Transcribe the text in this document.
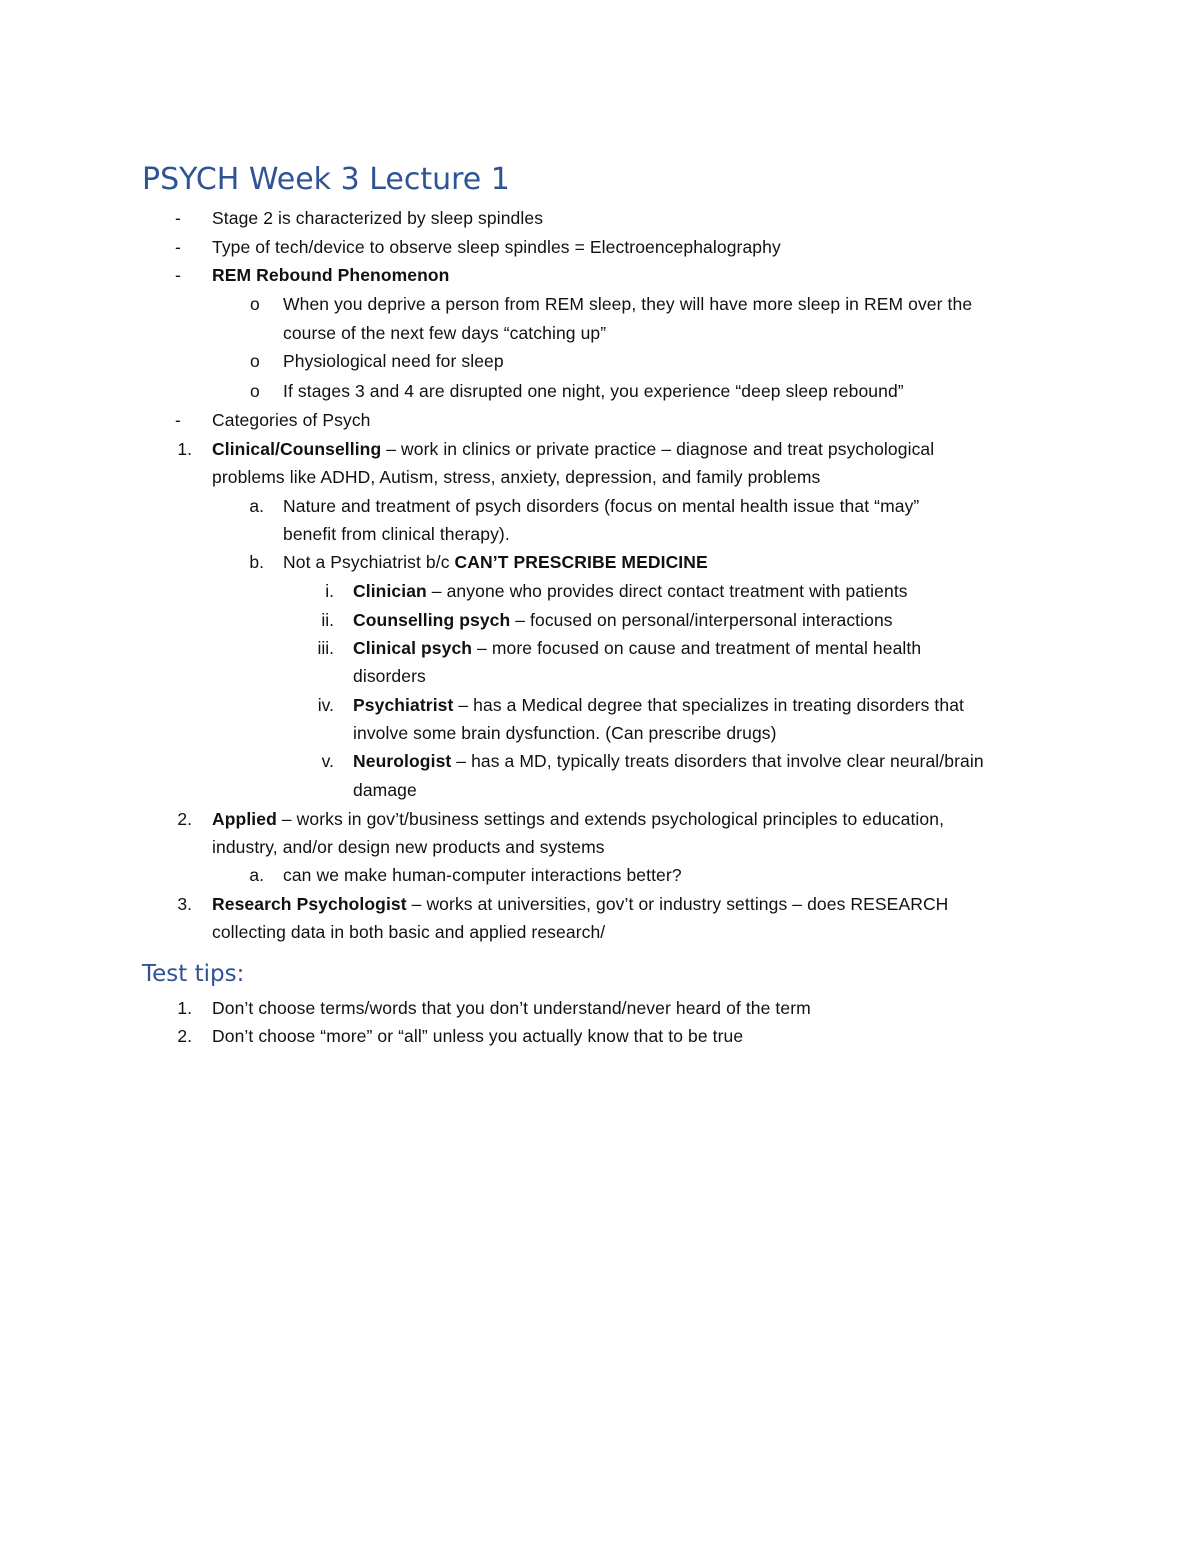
PSYCH Week 3 Lecture 1
- Stage 2 is characterized by sleep spindles
- Type of tech/device to observe sleep spindles = Electroencephalography
- REM Rebound Phenomenon
o When you deprive a person from REM sleep, they will have more sleep in REM over the
course of the next few days “catching up”
o Physiological need for sleep
o If stages 3 and 4 are disrupted one night, you experience “deep sleep rebound”
- Categories of Psych
1. Clinical/Counselling – work in clinics or private practice – diagnose and treat psychological
problems like ADHD, Autism, stress, anxiety, depression, and family problems
a. Nature and treatment of psych disorders (focus on mental health issue that “may”
benefit from clinical therapy).
b. Not a Psychiatrist b/c CAN’T PRESCRIBE MEDICINE
i. Clinician – anyone who provides direct contact treatment with patients
ii. Counselling psych – focused on personal/interpersonal interactions
iii. Clinical psych – more focused on cause and treatment of mental health
disorders
iv. Psychiatrist – has a Medical degree that specializes in treating disorders that
involve some brain dysfunction. (Can prescribe drugs)
v. Neurologist – has a MD, typically treats disorders that involve clear neural/brain
damage
2. Applied – works in gov’t/business settings and extends psychological principles to education,
industry, and/or design new products and systems
a. can we make human-computer interactions better?
3. Research Psychologist – works at universities, gov’t or industry settings – does RESEARCH
collecting data in both basic and applied research/
Test tips:
1. Don’t choose terms/words that you don’t understand/never heard of the term
2. Don’t choose “more” or “all” unless you actually know that to be true
